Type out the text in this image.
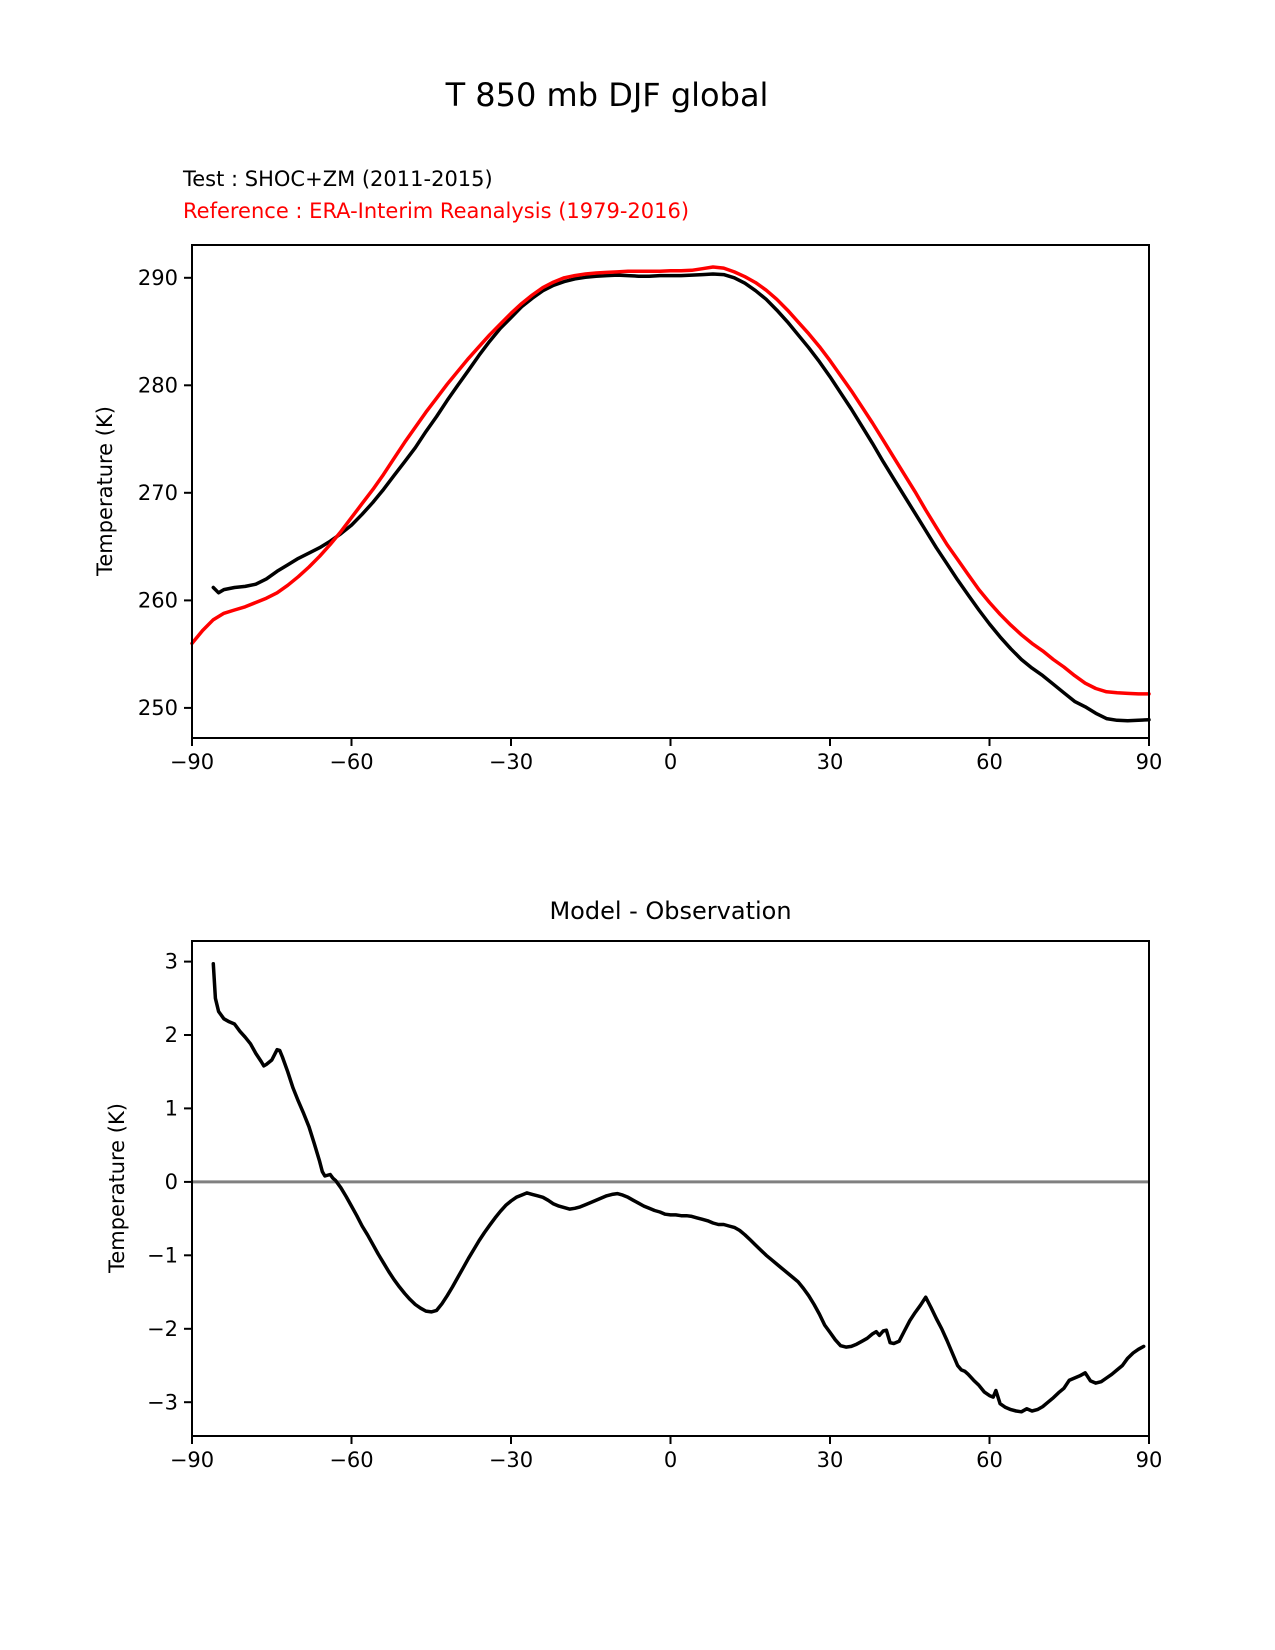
−90	−60	−30	0	30	60	90
250
260
270
280
290
−90	−60	−30	0	30	60	90
−3
−2
−1
0
1
2
3
T 850 mb DJF global
Test : SHOC+ZM (2011-2015)
Reference : ERA-Interim Reanalysis (1979-2016)
Temperature (K)
Model - Observation
Temperature (K)
